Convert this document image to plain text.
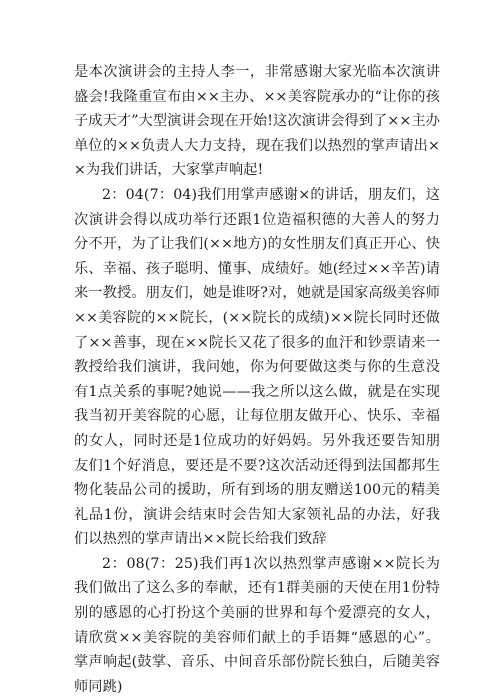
是本次演讲会的主持人李一，非常感谢大家光临本次演讲盛会!我隆重宣布由××主办、××美容院承办的“让你的孩子成天才”大型演讲会现在开始!这次演讲会得到了××主办单位的××负责人大力支持，现在我们以热烈的掌声请出××为我们讲话，大家掌声响起!

2：04(7：04)我们用掌声感谢×的讲话，朋友们，这次演讲会得以成功举行还跟1位造福积德的大善人的努力分不开，为了让我们(××地方)的女性朋友们真正开心、快乐、幸福、孩子聪明、懂事、成绩好。她(经过××辛苦)请来一教授。朋友们，她是谁呀?对，她就是国家高级美容师××美容院的××院长，(××院长的成绩)××院长同时还做了××善事，现在××院长又花了很多的血汗和钞票请来一教授给我们演讲，我问她，你为何要做这类与你的生意没有1点关系的事呢?她说——我之所以这么做，就是在实现我当初开美容院的心愿，让每位朋友做开心、快乐、幸福的女人，同时还是1位成功的好妈妈。另外我还要告知朋友们1个好消息，要还是不要?这次活动还得到法国都邦生物化装品公司的援助，所有到场的朋友赠送100元的精美礼品1份，演讲会结束时会告知大家领礼品的办法，好我们以热烈的掌声请出××院长给我们致辞

2：08(7：25)我们再1次以热烈掌声感谢××院长为我们做出了这么多的奉献，还有1群美丽的天使在用1份特别的感恩的心打扮这个美丽的世界和每个爱漂亮的女人，请欣赏××美容院的美容师们献上的手语舞“感恩的心”。掌声响起(鼓掌、音乐、中间音乐部份院长独白，后随美容师同跳)
